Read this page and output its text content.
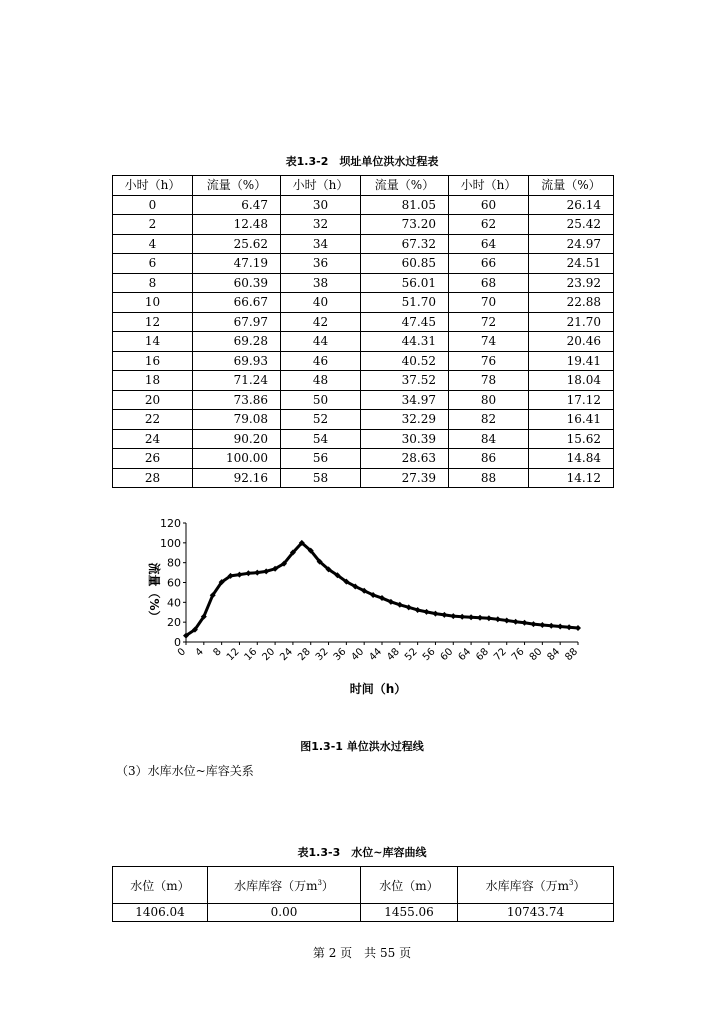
表1.3-2　坝址单位洪水过程表
小时（h）	流量（%）	小时（h）	流量（%）	小时（h）	流量（%）
0	6.47	30	81.05	60	26.14
2	12.48	32	73.20	62	25.42
4	25.62	34	67.32	64	24.97
6	47.19	36	60.85	66	24.51
8	60.39	38	56.01	68	23.92
10	66.67	40	51.70	70	22.88
12	67.97	42	47.45	72	21.70
14	69.28	44	44.31	74	20.46
16	69.93	46	40.52	76	19.41
18	71.24	48	37.52	78	18.04
20	73.86	50	34.97	80	17.12
22	79.08	52	32.29	82	16.41
24	90.20	54	30.39	84	15.62
26	100.00	56	28.63	86	14.84
28	92.16	58	27.39	88	14.12
0
20
40
60
80
100
120
0 4 8 12 16 20 24 28 32 36 40 44 48 52 56 60 64 68 72 76 80 84 88
时间（h）
流量（%）
图1.3-1 单位洪水过程线
（3）水库水位~库容关系
表1.3-3　水位~库容曲线
水位（m）	水库库容（万$m^3$）	水位（m）	水库库容（万$m^3$）
1406.04	0.00	1455.06	10743.74
第 2 页　共 55 页
